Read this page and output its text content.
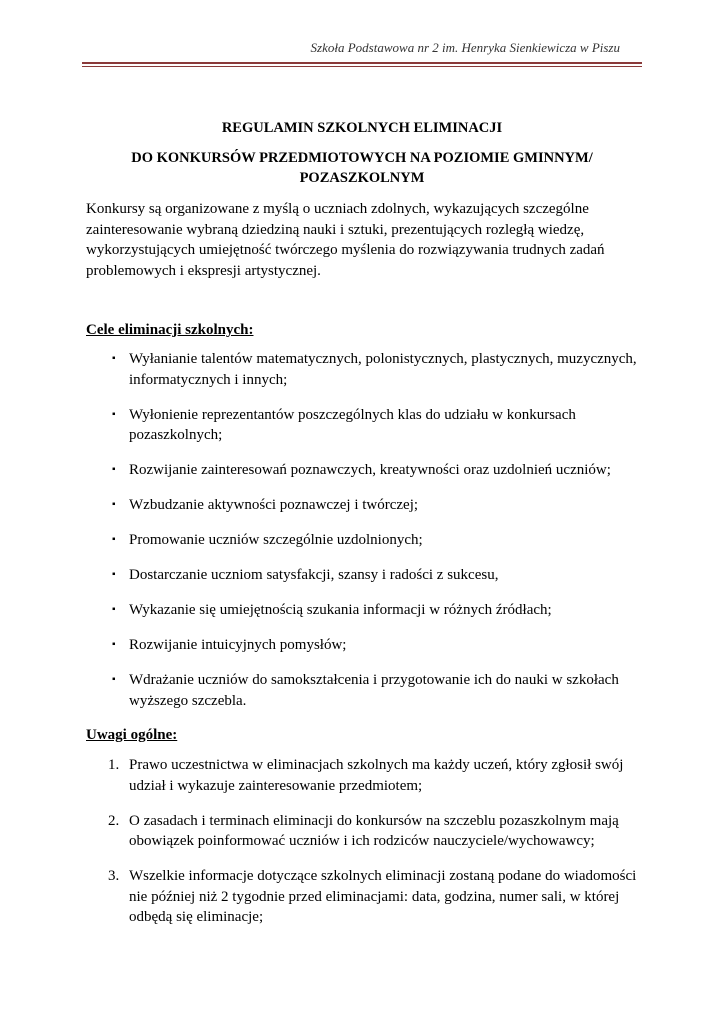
Szkoła Podstawowa nr 2 im. Henryka Sienkiewicza w Piszu
REGULAMIN SZKOLNYCH ELIMINACJI
DO KONKURSÓW PRZEDMIOTOWYCH NA POZIOMIE GMINNYM/ POZASZKOLNYM
Konkursy są organizowane z myślą o uczniach zdolnych, wykazujących szczególne zainteresowanie wybraną dziedziną nauki i sztuki, prezentujących rozległą wiedzę, wykorzystujących umiejętność twórczego myślenia do rozwiązywania trudnych zadań problemowych i ekspresji artystycznej.
Cele eliminacji szkolnych:
▪ Wyłanianie talentów matematycznych, polonistycznych, plastycznych, muzycznych, informatycznych i innych;
▪ Wyłonienie reprezentantów poszczególnych klas do udziału w konkursach pozaszkolnych;
▪ Rozwijanie zainteresowań poznawczych, kreatywności oraz uzdolnień uczniów;
▪ Wzbudzanie aktywności poznawczej i twórczej;
▪ Promowanie uczniów szczególnie uzdolnionych;
▪ Dostarczanie uczniom satysfakcji, szansy i radości z sukcesu,
▪ Wykazanie się umiejętnością szukania informacji w różnych źródłach;
▪ Rozwijanie intuicyjnych pomysłów;
▪ Wdrażanie uczniów do samokształcenia i przygotowanie ich do nauki w szkołach wyższego szczebla.
Uwagi ogólne:
1. Prawo uczestnictwa w eliminacjach szkolnych ma każdy uczeń, który zgłosił swój udział i wykazuje zainteresowanie przedmiotem;
2. O zasadach i terminach eliminacji do konkursów na szczeblu pozaszkolnym mają obowiązek poinformować uczniów i ich rodziców nauczyciele/wychowawcy;
3. Wszelkie informacje dotyczące szkolnych eliminacji zostaną podane do wiadomości nie później niż 2 tygodnie przed eliminacjami: data, godzina, numer sali, w której odbędą się eliminacje;
